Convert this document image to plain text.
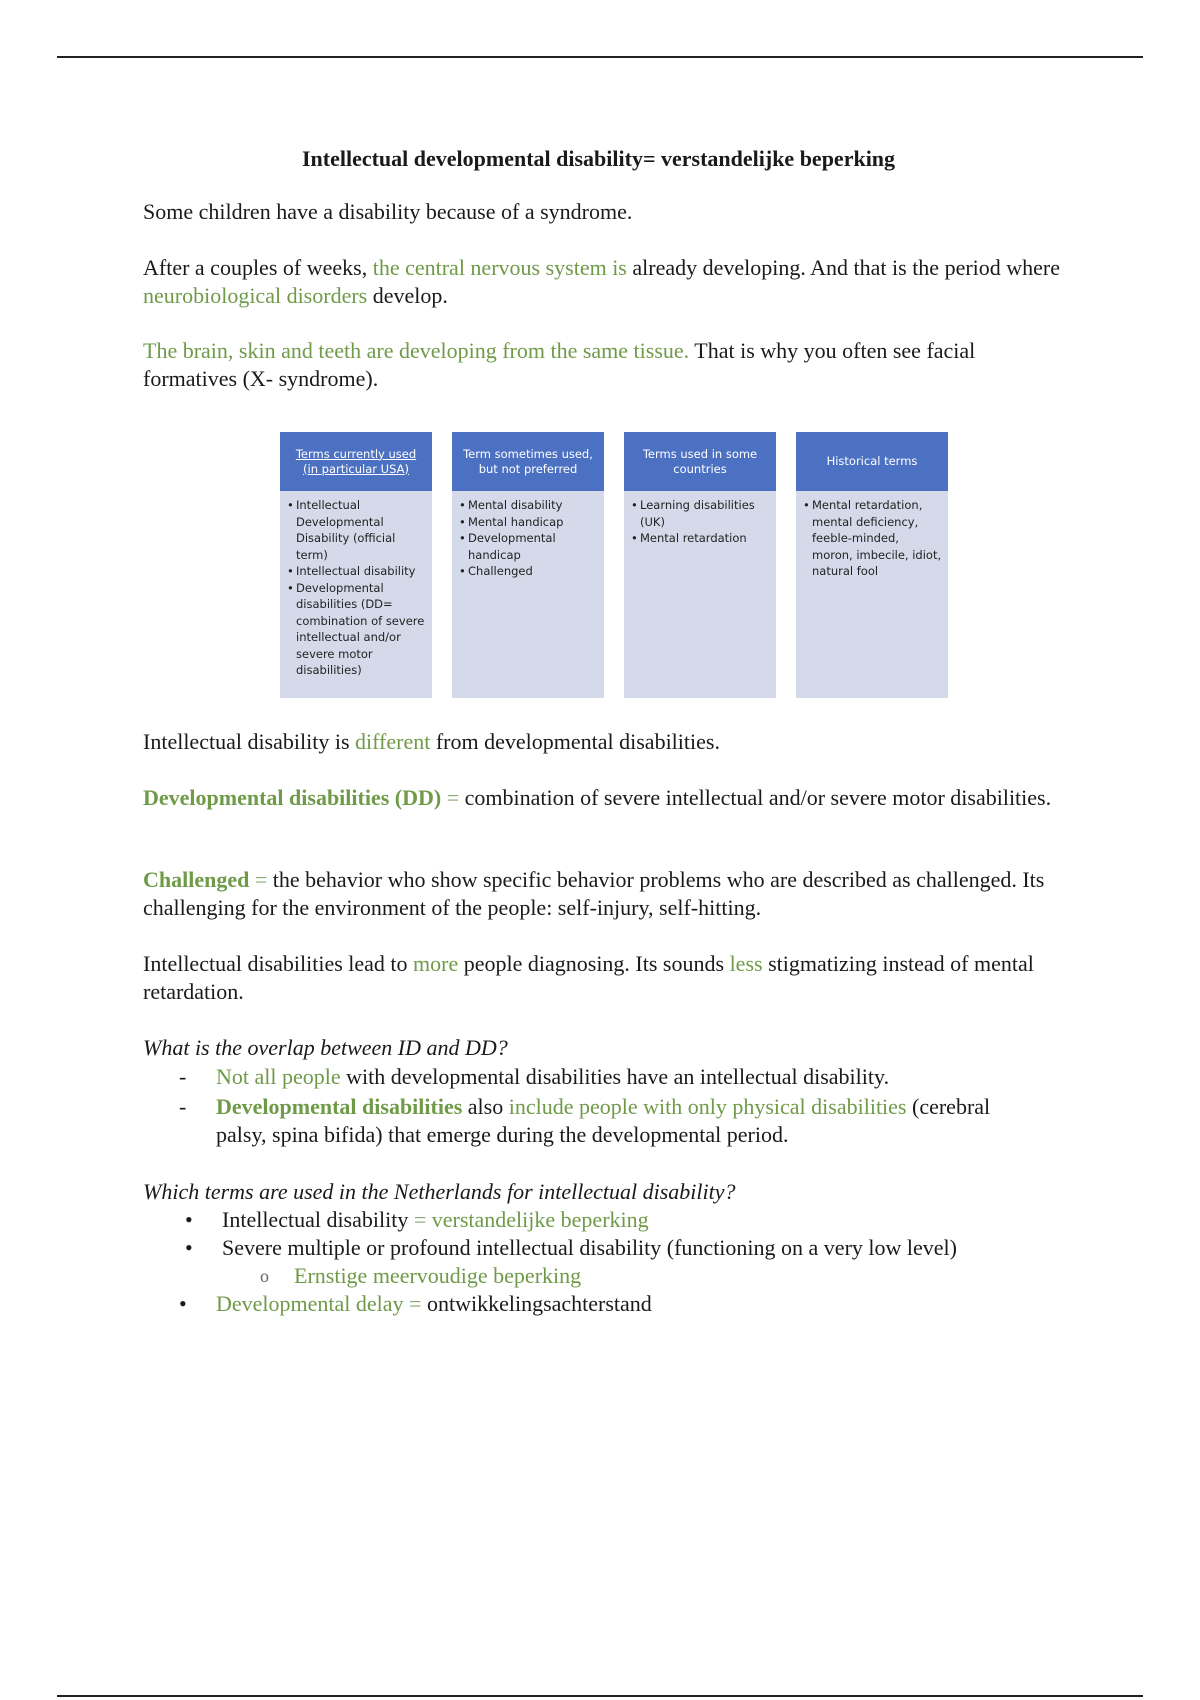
Intellectual developmental disability= verstandelijke beperking

Some children have a disability because of a syndrome.

After a couples of weeks, the central nervous system is already developing. And that is the period where neurobiological disorders develop.

The brain, skin and teeth are developing from the same tissue. That is why you often see facial formatives (X- syndrome).

Terms currently used (in particular USA)
• Intellectual Developmental Disability (official term)
• Intellectual disability
• Developmental disabilities (DD= combination of severe intellectual and/or severe motor disabilities)
Term sometimes used, but not preferred
• Mental disability
• Mental handicap
• Developmental handicap
• Challenged
Terms used in some countries
• Learning disabilities (UK)
• Mental retardation
Historical terms
• Mental retardation, mental deficiency, feeble-minded, moron, imbecile, idiot, natural fool

Intellectual disability is different from developmental disabilities.

Developmental disabilities (DD) = combination of severe intellectual and/or severe motor disabilities.

Challenged = the behavior who show specific behavior problems who are described as challenged. Its challenging for the environment of the people: self-injury, self-hitting.

Intellectual disabilities lead to more people diagnosing. Its sounds less stigmatizing instead of mental retardation.

What is the overlap between ID and DD?

- Not all people with developmental disabilities have an intellectual disability.
- Developmental disabilities also include people with only physical disabilities (cerebral palsy, spina bifida) that emerge during the developmental period.

Which terms are used in the Netherlands for intellectual disability?

• Intellectual disability = verstandelijke beperking
• Severe multiple or profound intellectual disability (functioning on a very low level)
o Ernstige meervoudige beperking
• Developmental delay = ontwikkelingsachterstand
